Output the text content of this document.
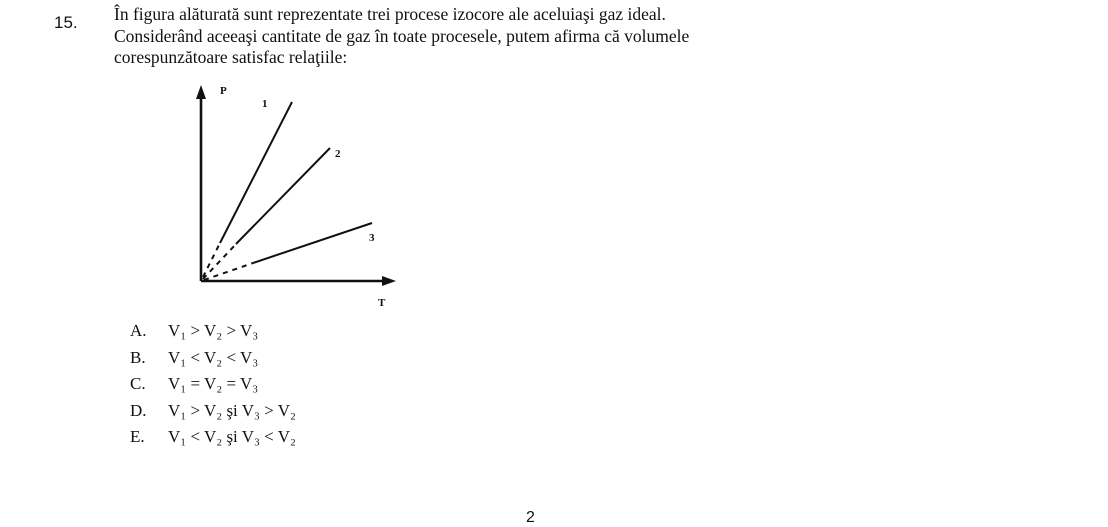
15. În figura alăturată sunt reprezentate trei procese izocore ale aceluiaşi gaz ideal.
Considerând aceeaşi cantitate de gaz în toate procesele, putem afirma că volumele
corespunzătoare satisfac relaţiile:
P
T
1
2
3
A. V₁ > V₂ > V₃
B. V₁ < V₂ < V₃
C. V₁ = V₂ = V₃
D. V₁ > V₂ şi V₃ > V₂
E. V₁ < V₂ şi V₃ < V₂
2
